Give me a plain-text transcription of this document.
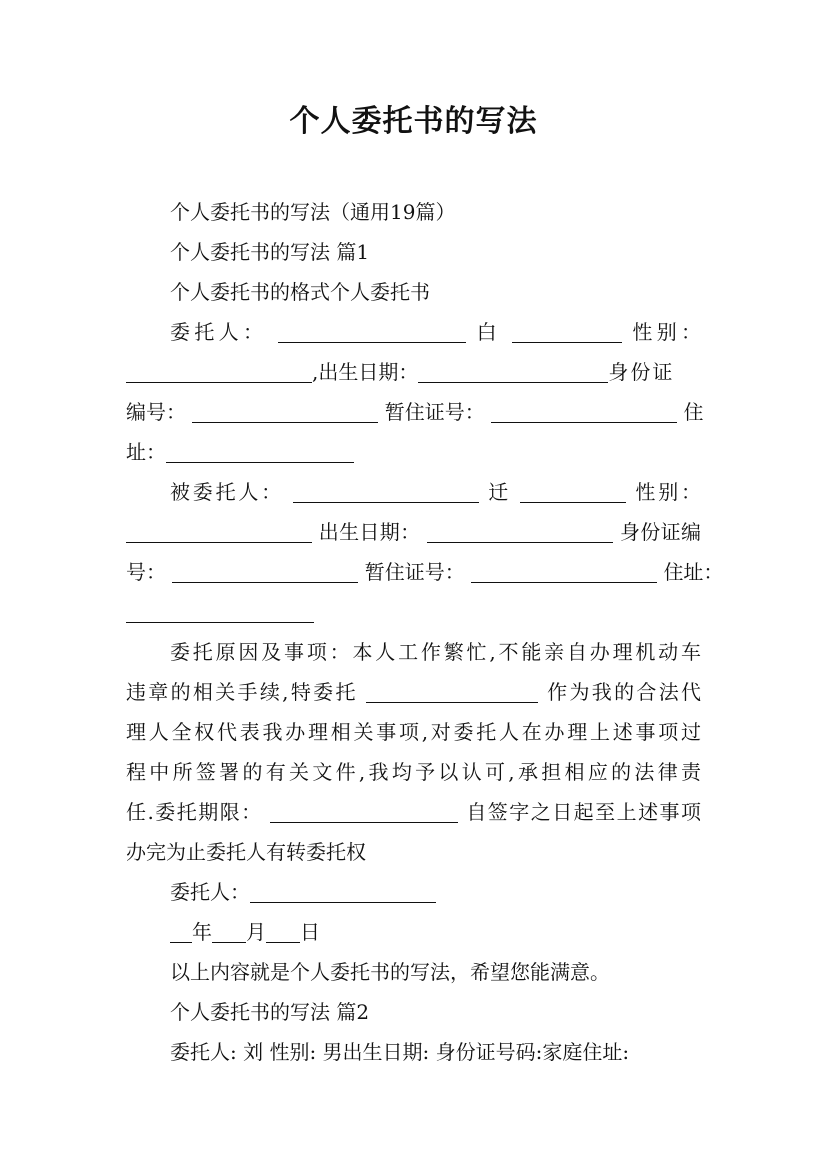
个人委托书的写法
个人委托书的写法（通用19篇）
个人委托书的写法 篇1
个人委托书的格式个人委托书
委托人：	白	性别：
,出生日期：	身份证
编号：	暂住证号：	住
址：
被委托人：	迁	性别：
出生日期：	身份证编
号：	暂住证号：	住址：
委托原因及事项：本人工作繁忙,不能亲自办理机动车
违章的相关手续,特委托	作为我的合法代
理人全权代表我办理相关事项,对委托人在办理上述事项过
程中所签署的有关文件,我均予以认可,承担相应的法律责
任.委托期限：	自签字之日起至上述事项
办完为止委托人有转委托权
委托人：
年 月 日
以上内容就是个人委托书的写法，希望您能满意。
个人委托书的写法 篇2
委托人: 刘 性别: 男出生日期: 身份证号码:家庭住址:
